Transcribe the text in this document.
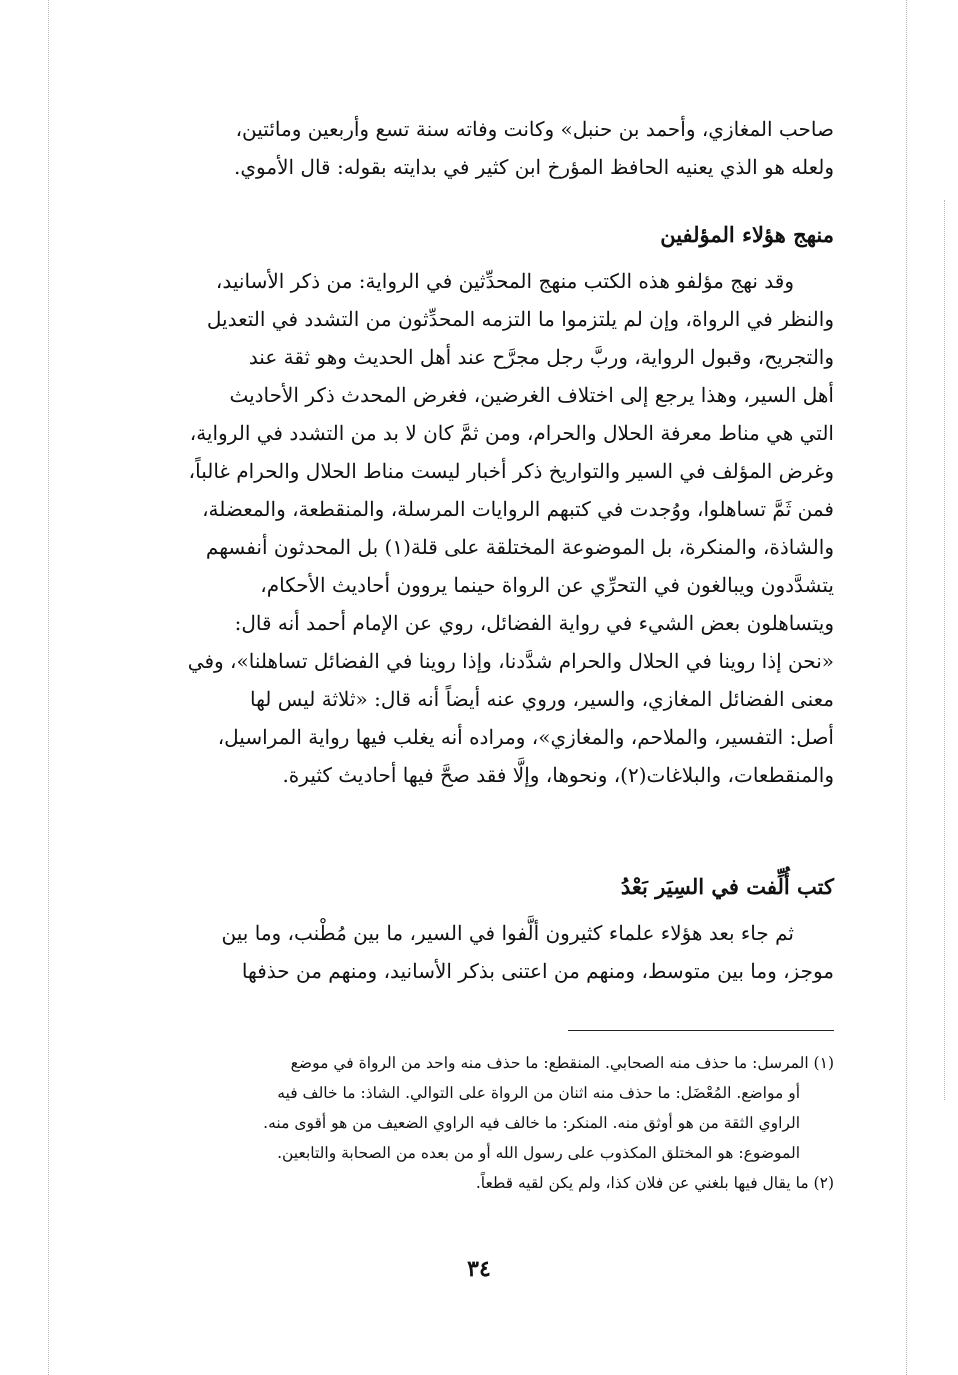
صاحب المغازي، وأحمد بن حنبل» وكانت وفاته سنة تسع وأربعين ومائتين،
ولعله هو الذي يعنيه الحافظ المؤرخ ابن كثير في بدايته بقوله: قال الأموي.
منهج هؤلاء المؤلفين
وقد نهج مؤلفو هذه الكتب منهج المحدِّثين في الرواية: من ذكر الأسانيد،
والنظر في الرواة، وإن لم يلتزموا ما التزمه المحدِّثون من التشدد في التعديل
والتجريح، وقبول الرواية، وربَّ رجل مجرَّح عند أهل الحديث وهو ثقة عند
أهل السير، وهذا يرجع إلى اختلاف الغرضين، فغرض المحدث ذكر الأحاديث
التي هي مناط معرفة الحلال والحرام، ومن ثمَّ كان لا بد من التشدد في الرواية،
وغرض المؤلف في السير والتواريخ ذكر أخبار ليست مناط الحلال والحرام غالباً،
فمن ثَمَّ تساهلوا، ووُجدت في كتبهم الروايات المرسلة، والمنقطعة، والمعضلة،
والشاذة، والمنكرة، بل الموضوعة المختلقة على قلة(١) بل المحدثون أنفسهم
يتشدَّدون ويبالغون في التحرِّي عن الرواة حينما يروون أحاديث الأحكام،
ويتساهلون بعض الشيء في رواية الفضائل، روي عن الإمام أحمد أنه قال:
«نحن إذا روينا في الحلال والحرام شدَّدنا، وإذا روينا في الفضائل تساهلنا»، وفي
معنى الفضائل المغازي، والسير، وروي عنه أيضاً أنه قال: «ثلاثة ليس لها
أصل: التفسير، والملاحم، والمغازي»، ومراده أنه يغلب فيها رواية المراسيل،
والمنقطعات، والبلاغات(٢)، ونحوها، وإلَّا فقد صحَّ فيها أحاديث كثيرة.
كتب أُلِّفت في السِيَر بَعْدُ
ثم جاء بعد هؤلاء علماء كثيرون ألَّفوا في السير، ما بين مُطْنب، وما بين
موجز، وما بين متوسط، ومنهم من اعتنى بذكر الأسانيد، ومنهم من حذفها
(١) المرسل: ما حذف منه الصحابي. المنقطع: ما حذف منه واحد من الرواة في موضع
أو مواضع. المُعْضَل: ما حذف منه اثنان من الرواة على التوالي. الشاذ: ما خالف فيه
الراوي الثقة من هو أوثق منه. المنكر: ما خالف فيه الراوي الضعيف من هو أقوى منه.
الموضوع: هو المختلق المكذوب على رسول الله أو من بعده من الصحابة والتابعين.
(٢) ما يقال فيها بلغني عن فلان كذا، ولم يكن لقيه قطعاً.
٣٤
